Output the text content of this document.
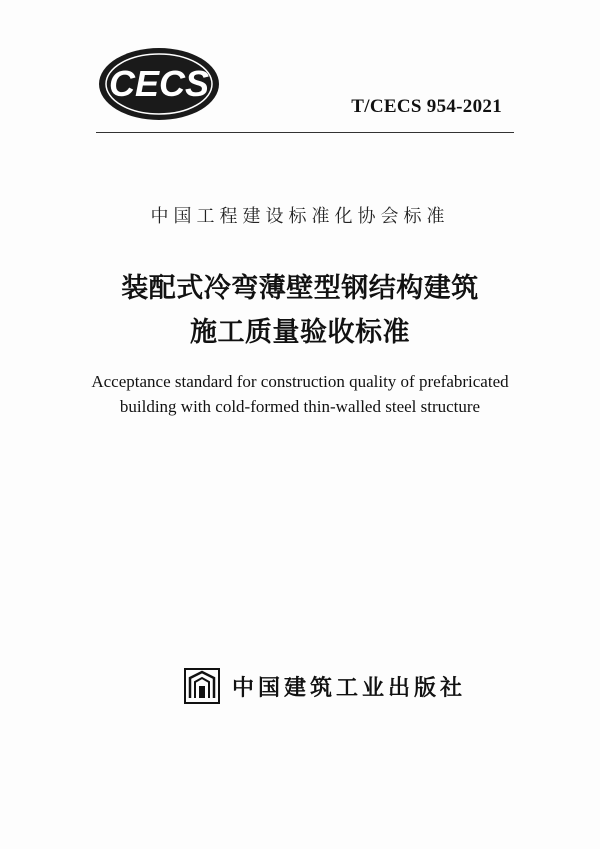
CECS
T/CECS 954-2021
中国工程建设标准化协会标准
装配式冷弯薄壁型钢结构建筑
施工质量验收标准
Acceptance standard for construction quality of prefabricated
building with cold-formed thin-walled steel structure
中国建筑工业出版社
